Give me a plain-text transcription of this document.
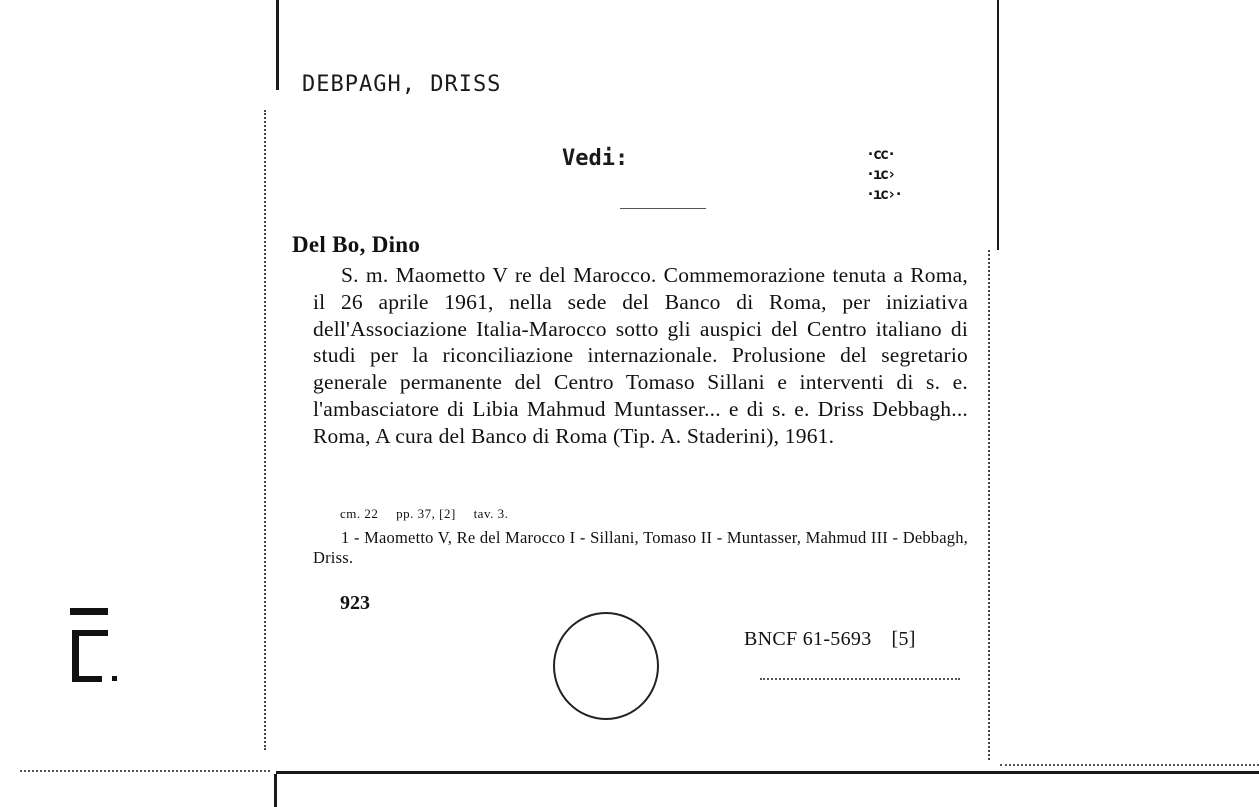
DEBPAGH, DRISS
Vedi:	·cc·
·ıc›
·ıc›·
Del Bo, Dino
S. m. Maometto V re del Marocco. Commemorazione tenuta a Roma, il 26 aprile 1961, nella sede del Banco di Roma, per iniziativa dell'Associazione Italia-Marocco sotto gli auspici del Centro italiano di studi per la riconciliazione internazionale. Prolusione del segretario generale permanente del Centro Tomaso Sillani e interventi di s. e. l'ambasciatore di Libia Mahmud Muntasser... e di s. e. Driss Debbagh... Roma, A cura del Banco di Roma (Tip. A. Staderini), 1961.
cm. 22 pp. 37, [2] tav. 3.
1 - Maometto V, Re del Marocco I - Sillani, Tomaso II - Muntasser, Mahmud III - Debbagh, Driss.
923
BNCF 61-5693 [5]
